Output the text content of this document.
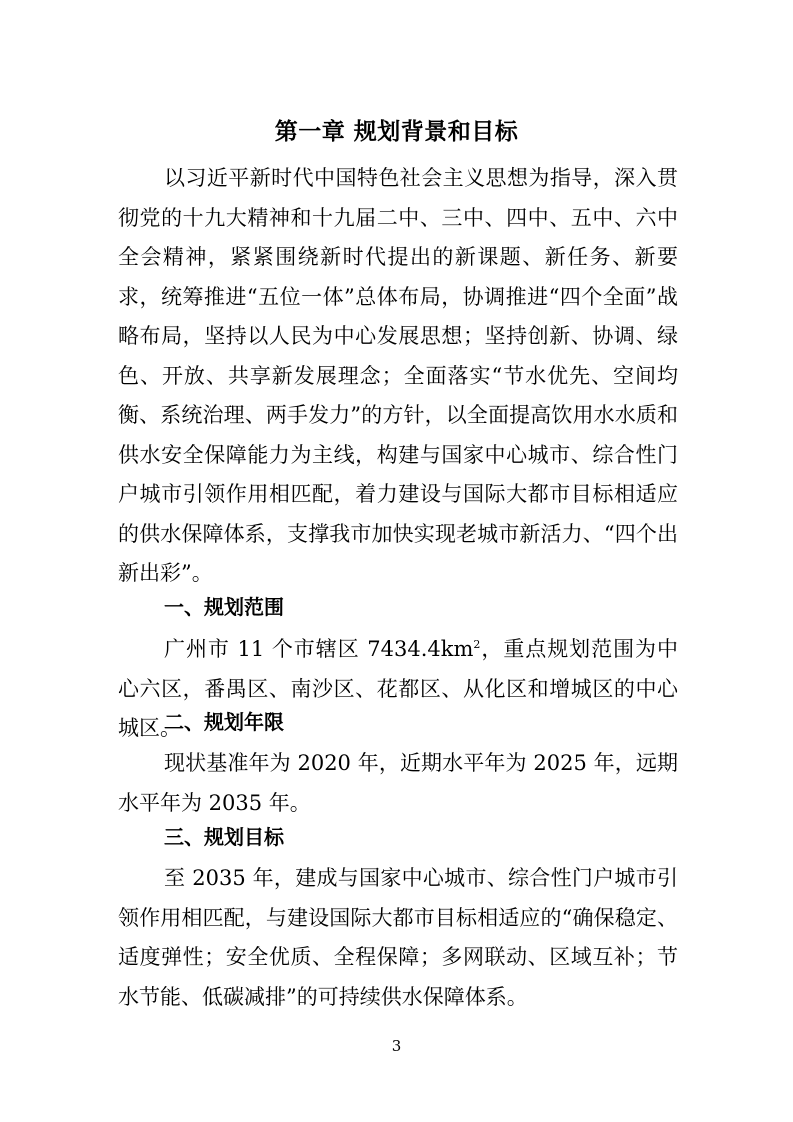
第一章 规划背景和目标

以习近平新时代中国特色社会主义思想为指导，深入贯彻党的十九大精神和十九届二中、三中、四中、五中、六中全会精神，紧紧围绕新时代提出的新课题、新任务、新要求，统筹推进“五位一体”总体布局，协调推进“四个全面”战略布局，坚持以人民为中心发展思想；坚持创新、协调、绿色、开放、共享新发展理念；全面落实“节水优先、空间均衡、系统治理、两手发力”的方针，以全面提高饮用水水质和供水安全保障能力为主线，构建与国家中心城市、综合性门户城市引领作用相匹配，着力建设与国际大都市目标相适应的供水保障体系，支撑我市加快实现老城市新活力、“四个出新出彩”。

一、规划范围

广州市 11 个市辖区 $7434.4km^2$，重点规划范围为中心六区，番禺区、南沙区、花都区、从化区和增城区的中心城区。

二、规划年限

现状基准年为 2020 年，近期水平年为 2025 年，远期水平年为 2035 年。

三、规划目标

至 2035 年，建成与国家中心城市、综合性门户城市引领作用相匹配，与建设国际大都市目标相适应的“确保稳定、适度弹性；安全优质、全程保障；多网联动、区域互补；节水节能、低碳减排”的可持续供水保障体系。

3
